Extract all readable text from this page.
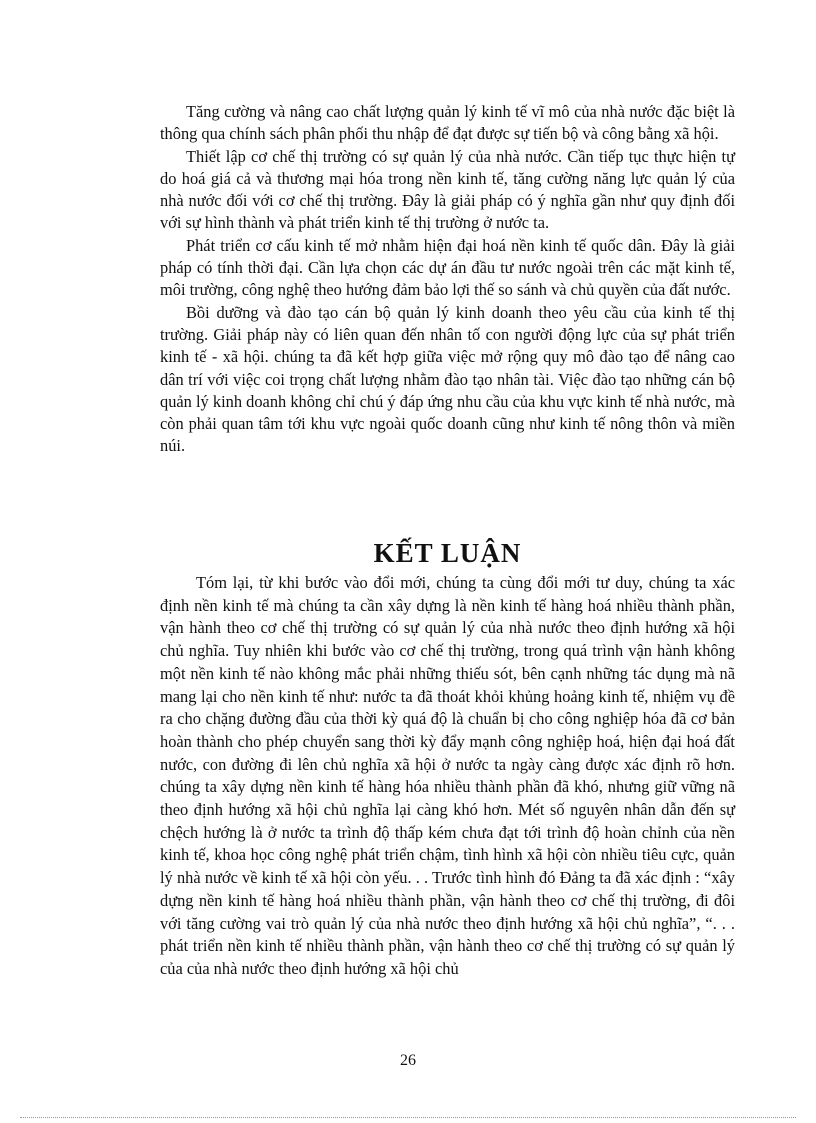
Tăng cường và nâng cao chất lượng quản lý kinh tế vĩ mô của nhà nước đặc biệt là thông qua chính sách phân phối thu nhập để đạt được sự tiến bộ và công bằng xã hội.

Thiết lập cơ chế thị trường có sự quản lý của nhà nước. Cần tiếp tục thực hiện tự do hoá giá cả và thương mại hóa trong nền kinh tế, tăng cường năng lực quản lý của nhà nước đối với cơ chế thị trường. Đây là giải pháp có ý nghĩa gần như quy định đối với sự hình thành và phát triển kinh tế thị trường ở nước ta.

Phát triển cơ cấu kinh tế mở nhằm hiện đại hoá nền kinh tế quốc dân. Đây là giải pháp có tính thời đại. Cần lựa chọn các dự án đầu tư nước ngoài trên các mặt kinh tế, môi trường, công nghệ theo hướng đảm bảo lợi thế so sánh và chủ quyền của đất nước.

Bồi dưỡng và đào tạo cán bộ quản lý kinh doanh theo yêu cầu của kinh tế thị trường. Giải pháp này có liên quan đến nhân tố con người động lực của sự phát triển kinh tế - xã hội. chúng ta đã kết hợp giữa việc mở rộng quy mô đào tạo để nâng cao dân trí với việc coi trọng chất lượng nhằm đào tạo nhân tài. Việc đào tạo những cán bộ quản lý kinh doanh không chỉ chú ý đáp ứng nhu cầu của khu vực kinh tế nhà nước, mà còn phải quan tâm tới khu vực ngoài quốc doanh cũng như kinh tế nông thôn và miền núi.

KẾT LUẬN

Tóm lại, từ khi bước vào đổi mới, chúng ta cùng đổi mới tư duy, chúng ta xác định nền kinh tế mà chúng ta cần xây dựng là nền kinh tế hàng hoá nhiều thành phần, vận hành theo cơ chế thị trường có sự quản lý của nhà nước theo định hướng xã hội chủ nghĩa. Tuy nhiên khi bước vào cơ chế thị trường, trong quá trình vận hành không một nền kinh tế nào không mắc phải những thiếu sót, bên cạnh những tác dụng mà nã mang lại cho nền kinh tế như: nước ta đã thoát khỏi khủng hoảng kinh tế, nhiệm vụ đề ra cho chặng đường đầu của thời kỳ quá độ là chuẩn bị cho công nghiệp hóa đã cơ bản hoàn thành cho phép chuyển sang thời kỳ đẩy mạnh công nghiệp hoá, hiện đại hoá đất nước, con đường đi lên chủ nghĩa xã hội ở nước ta ngày càng được xác định rõ hơn. chúng ta xây dựng nền kinh tế hàng hóa nhiều thành phần đã khó, nhưng giữ vững nã theo định hướng xã hội chủ nghĩa lại càng khó hơn. Mét số nguyên nhân dẫn đến sự chệch hướng là ở nước ta trình độ thấp kém chưa đạt tới trình độ hoàn chỉnh của nền kinh tế, khoa học công nghệ phát triển chậm, tình hình xã hội còn nhiều tiêu cực, quản lý nhà nước về kinh tế xã hội còn yếu. . . Trước tình hình đó Đảng ta đã xác định : “xây dựng nền kinh tế hàng hoá nhiều thành phần, vận hành theo cơ chế thị trường, đi đôi với tăng cường vai trò quản lý của nhà nước theo định hướng xã hội chủ nghĩa”, “. . . phát triển nền kinh tế nhiều thành phần, vận hành theo cơ chế thị trường có sự quản lý của của nhà nước theo định hướng xã hội chủ

26
